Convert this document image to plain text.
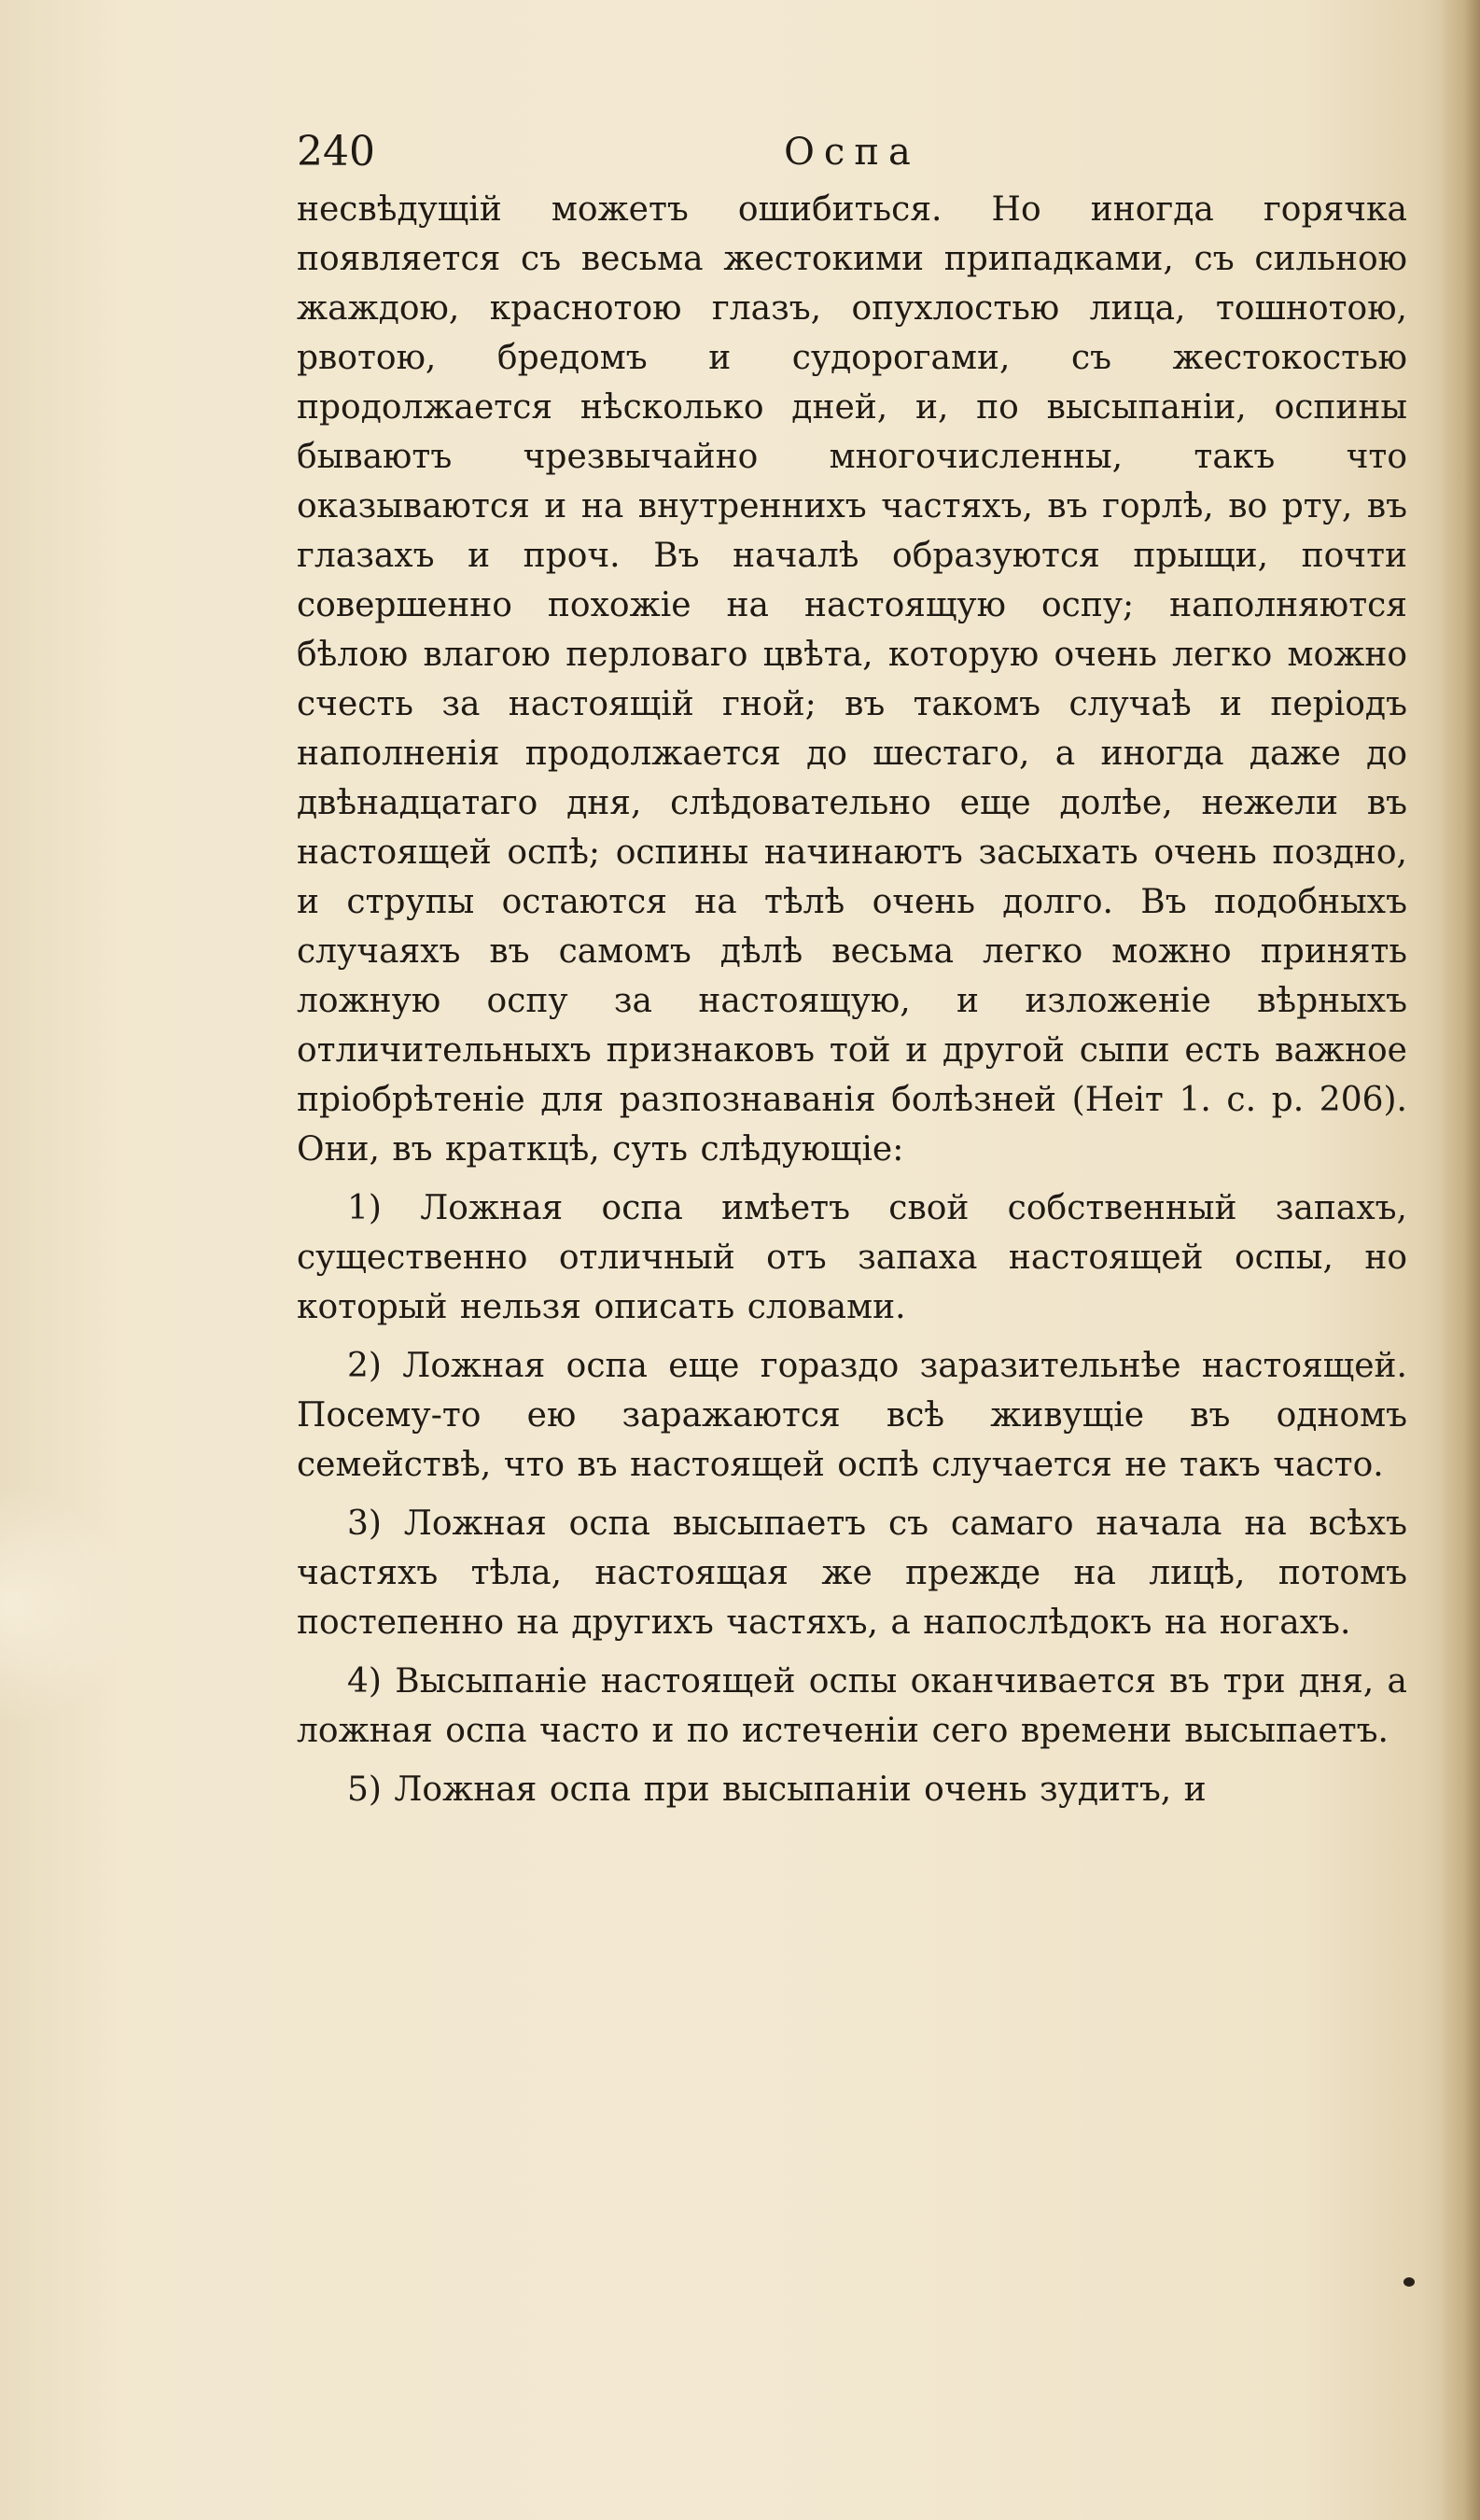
240	Оспа

несвѣдущій можетъ ошибиться. Но иногда горячка появляется съ весьма жестокими припадками, съ сильною жаждою, краснотою глазъ, опухлостью лица, тошнотою, рвотою, бредомъ и судорогами, съ жестокостью продолжается нѣсколько дней, и, по высыпаніи, оспины бываютъ чрезвычайно многочисленны, такъ что оказываются и на внутреннихъ частяхъ, въ горлѣ, во рту, въ глазахъ и проч. Въ началѣ образуются прыщи, почти совершенно похожіе на настоящую оспу; наполняются бѣлою влагою перловаго цвѣта, которую очень легко можно счесть за настоящій гной; въ такомъ случаѣ и періодъ наполненія продолжается до шестаго, а иногда даже до двѣнадцатаго дня, слѣдовательно еще долѣе, нежели въ настоящей оспѣ; оспины начинаютъ засыхать очень поздно, и струпы остаются на тѣлѣ очень долго. Въ подобныхъ случаяхъ въ самомъ дѣлѣ весьма легко можно принять ложную оспу за настоящую, и изложеніе вѣрныхъ отличительныхъ признаковъ той и другой сыпи есть важное пріобрѣтеніе для разпознаванія болѣзней (Неіт 1. с. р. 206). Они, въ краткцѣ, суть слѣдующіе:

1) Ложная оспа имѣетъ свой собственный запахъ, существенно отличный отъ запаха настоящей оспы, но который нельзя описать словами.

2) Ложная оспа еще гораздо заразительнѣе настоящей. Посему-то ею заражаются всѣ живущіе въ одномъ семействѣ, что въ настоящей оспѣ случается не такъ часто.

3) Ложная оспа высыпаетъ съ самаго начала на всѣхъ частяхъ тѣла, настоящая же прежде на лицѣ, потомъ постепенно на другихъ частяхъ, а напослѣдокъ на ногахъ.

4) Высыпаніе настоящей оспы оканчивается въ три дня, а ложная оспа часто и по истеченіи сего времени высыпаетъ.

5) Ложная оспа при высыпаніи очень зудитъ, и
